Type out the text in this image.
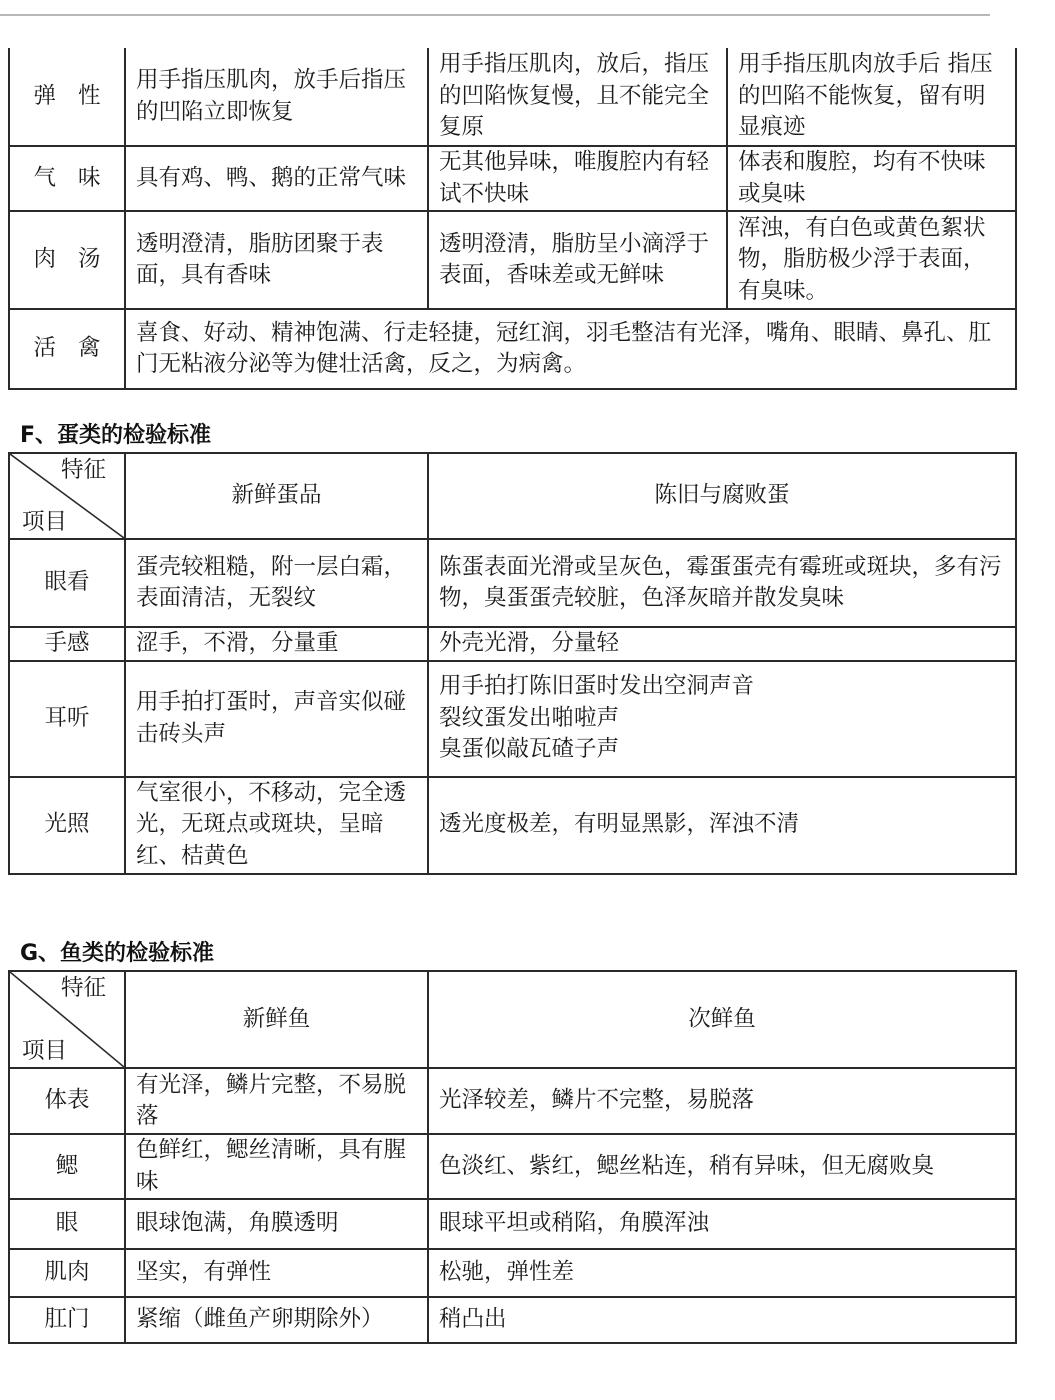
弹性	用手指压肌肉，放手后指压的凹陷立即恢复	用手指压肌肉，放后，指压的凹陷恢复慢，且不能完全复原	用手指压肌肉放手后 指压的凹陷不能恢复，留有明显痕迹
气味	具有鸡、鸭、鹅的正常气味	无其他异味，唯腹腔内有轻试不快味	体表和腹腔，均有不快味或臭味
肉汤	透明澄清，脂肪团聚于表面，具有香味	透明澄清，脂肪呈小滴浮于表面，香味差或无鲜味	浑浊，有白色或黄色絮状物，脂肪极少浮于表面，有臭味。
活禽	喜食、好动、精神饱满、行走轻捷，冠红润，羽毛整洁有光泽，嘴角、眼睛、鼻孔、肛门无粘液分泌等为健壮活禽，反之，为病禽。		
F、蛋类的检验标准
特征
项目	新鲜蛋品	陈旧与腐败蛋
眼看	蛋壳较粗糙，附一层白霜，表面清洁，无裂纹	陈蛋表面光滑或呈灰色，霉蛋蛋壳有霉班或斑块，多有污物，臭蛋蛋壳较脏，色泽灰暗并散发臭味
手感	涩手，不滑，分量重	外壳光滑，分量轻
耳听	用手拍打蛋时，声音实似碰击砖头声	用手拍打陈旧蛋时发出空洞声音
裂纹蛋发出啪啦声
臭蛋似敲瓦碴子声

光照	气室很小，不移动，完全透光，无斑点或斑块，呈暗红、桔黄色	透光度极差，有明显黑影，浑浊不清
G、鱼类的检验标准
特征
项目	新鲜鱼	次鲜鱼
体表	有光泽，鳞片完整，不易脱落	光泽较差，鳞片不完整，易脱落
鳃	色鲜红，鳃丝清晰，具有腥味	色淡红、紫红，鳃丝粘连，稍有异味，但无腐败臭
眼	眼球饱满，角膜透明	眼球平坦或稍陷，角膜浑浊
肌肉	坚实，有弹性	松驰，弹性差
肛门	紧缩（雌鱼产卵期除外）	稍凸出
